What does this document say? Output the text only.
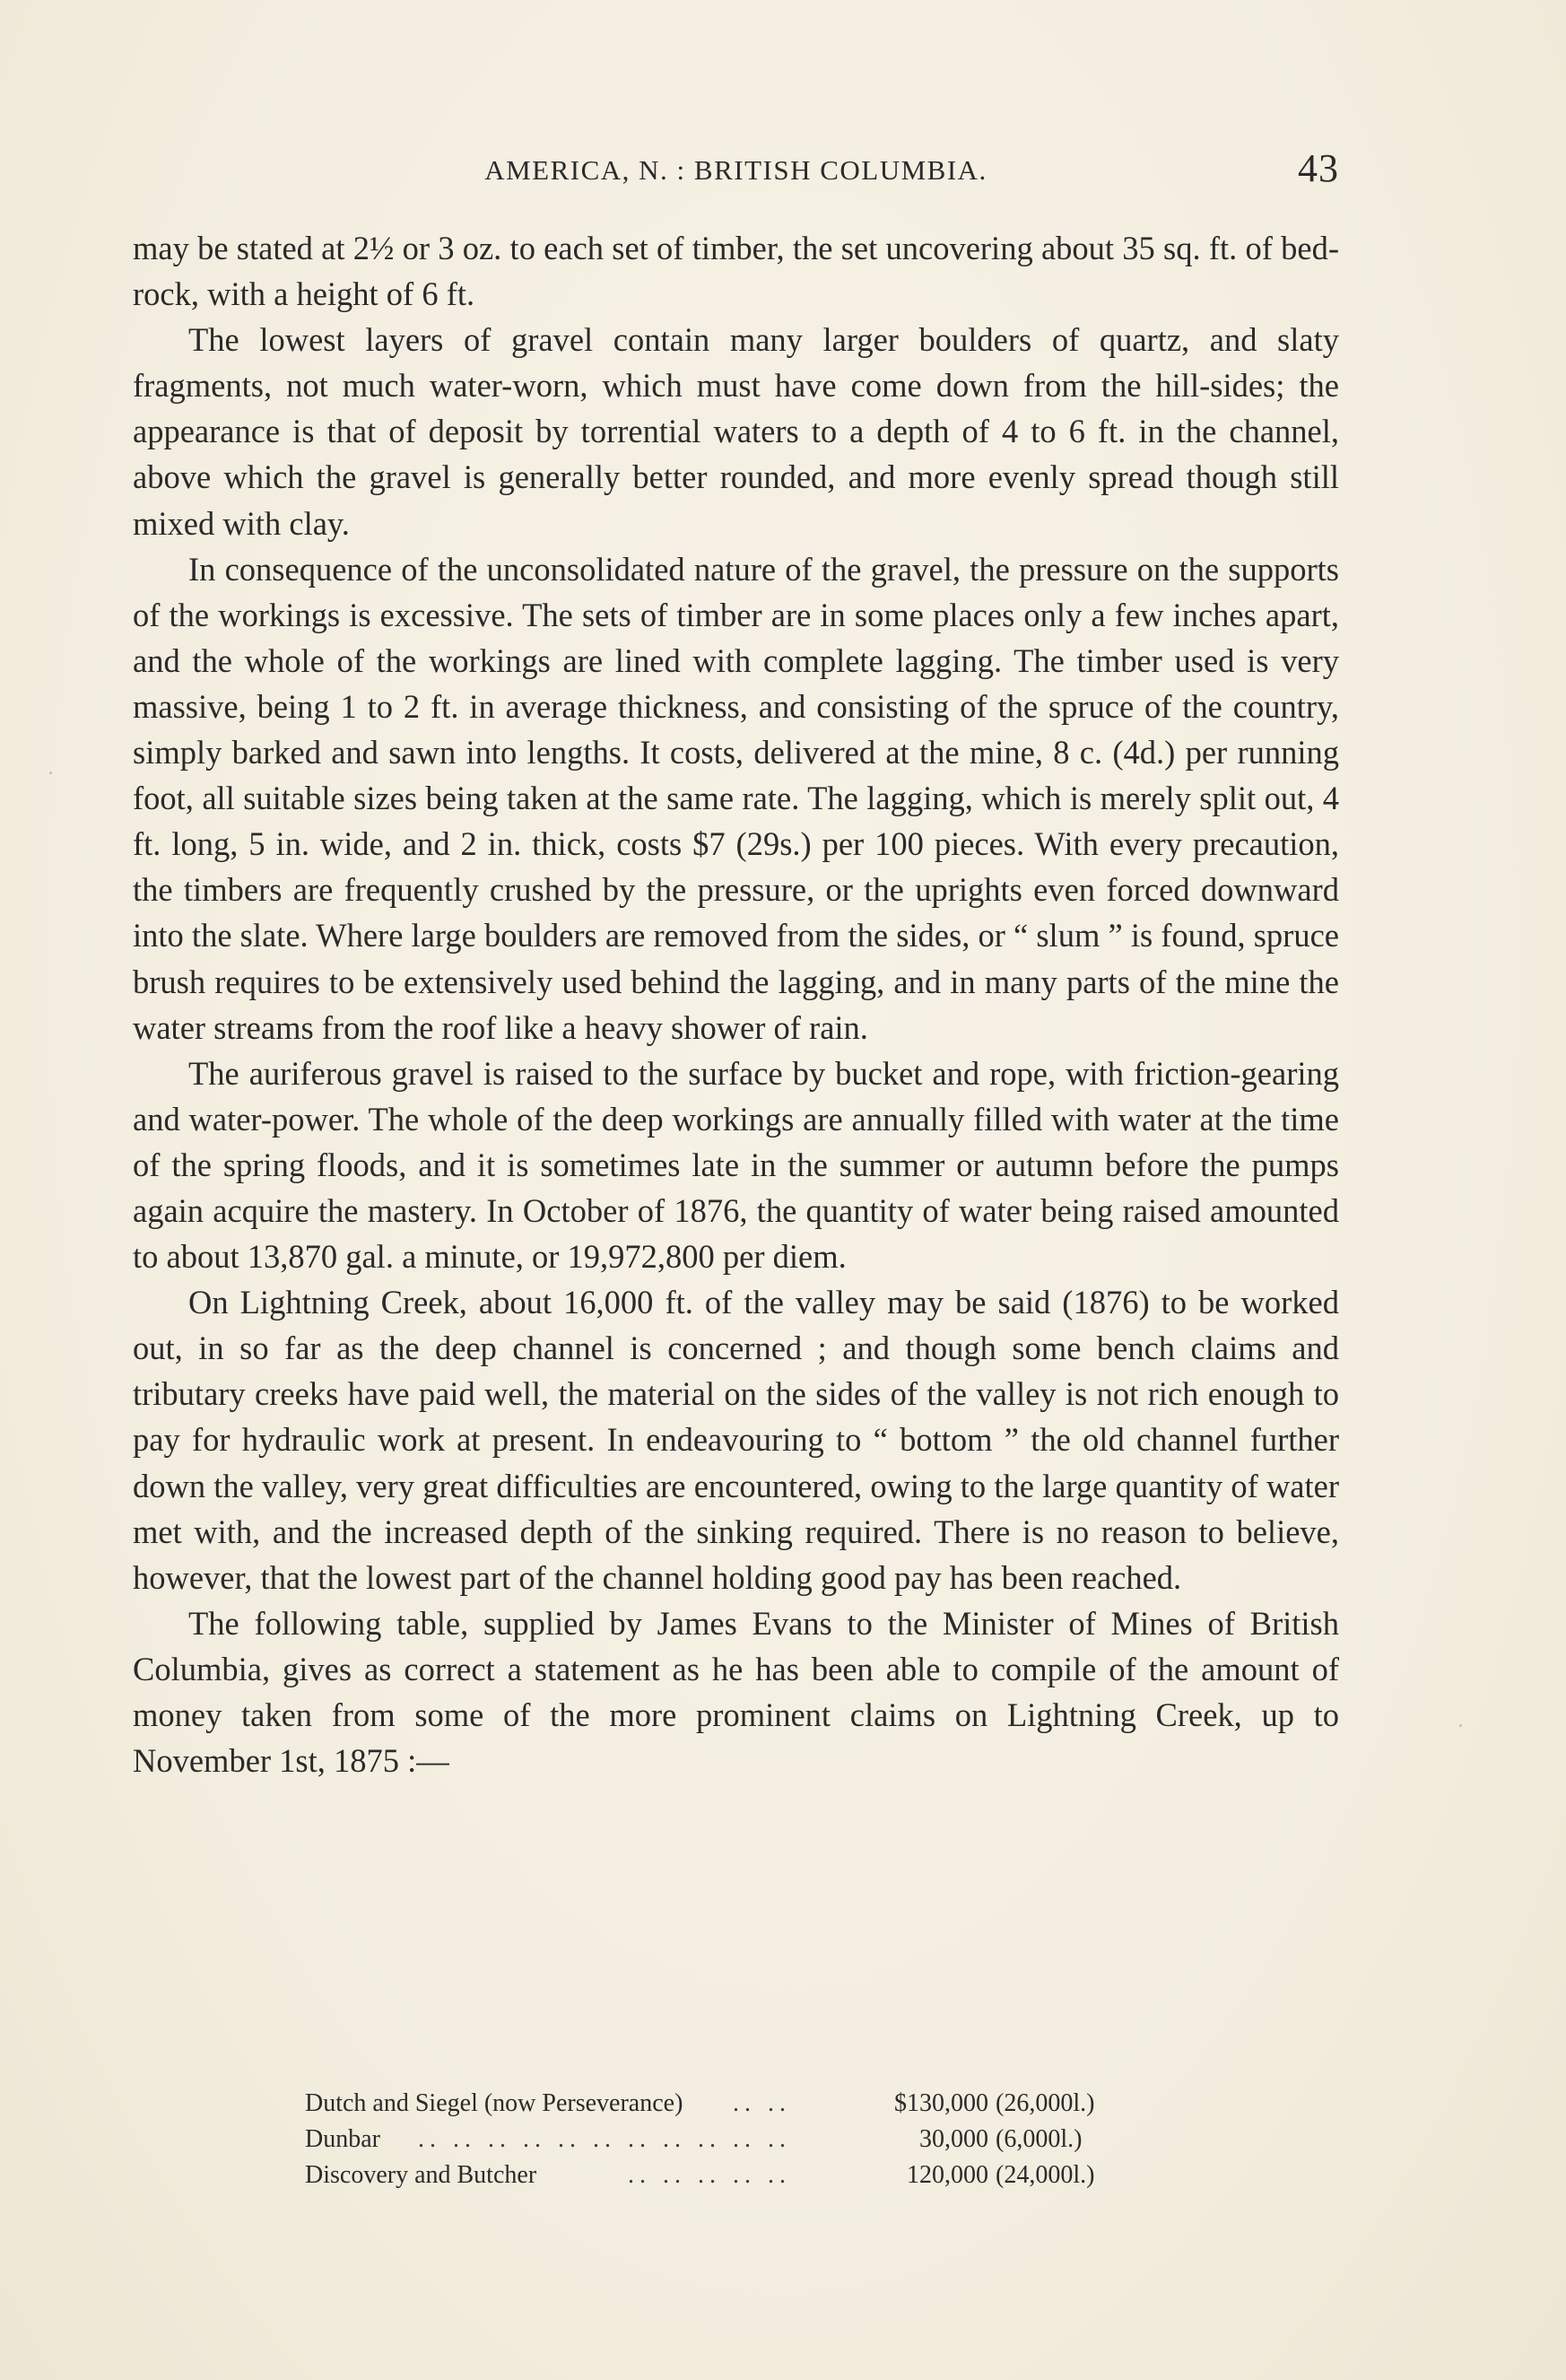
AMERICA, N. : BRITISH COLUMBIA.	43

may be stated at 2½ or 3 oz. to each set of timber, the set uncovering about 35 sq. ft. of bed-rock, with a height of 6 ft.

The lowest layers of gravel contain many larger boulders of quartz, and slaty fragments, not much water-worn, which must have come down from the hill-sides; the appearance is that of deposit by torrential waters to a depth of 4 to 6 ft. in the channel, above which the gravel is generally better rounded, and more evenly spread though still mixed with clay.

In consequence of the unconsolidated nature of the gravel, the pressure on the supports of the workings is excessive. The sets of timber are in some places only a few inches apart, and the whole of the workings are lined with complete lagging. The timber used is very massive, being 1 to 2 ft. in average thickness, and consisting of the spruce of the country, simply barked and sawn into lengths. It costs, delivered at the mine, 8 c. (4d.) per running foot, all suitable sizes being taken at the same rate. The lagging, which is merely split out, 4 ft. long, 5 in. wide, and 2 in. thick, costs $7 (29s.) per 100 pieces. With every precaution, the timbers are frequently crushed by the pressure, or the uprights even forced downward into the slate. Where large boulders are removed from the sides, or “ slum ” is found, spruce brush requires to be extensively used behind the lagging, and in many parts of the mine the water streams from the roof like a heavy shower of rain.

The auriferous gravel is raised to the surface by bucket and rope, with friction-gearing and water-power. The whole of the deep workings are annually filled with water at the time of the spring floods, and it is sometimes late in the summer or autumn before the pumps again acquire the mastery. In October of 1876, the quantity of water being raised amounted to about 13,870 gal. a minute, or 19,972,800 per diem.

On Lightning Creek, about 16,000 ft. of the valley may be said (1876) to be worked out, in so far as the deep channel is concerned ; and though some bench claims and tributary creeks have paid well, the material on the sides of the valley is not rich enough to pay for hydraulic work at present. In endeavouring to “ bottom ” the old channel further down the valley, very great difficulties are encountered, owing to the large quantity of water met with, and the increased depth of the sinking required. There is no reason to believe, however, that the lowest part of the channel holding good pay has been reached.

The following table, supplied by James Evans to the Minister of Mines of British Columbia, gives as correct a statement as he has been able to compile of the amount of money taken from some of the more prominent claims on Lightning Creek, up to November 1st, 1875 :—

Dutch and Siegel (now Perseverance)	.. ..	$130,000 (26,000l.)
Dunbar	.. .. .. .. .. .. .. .. .. .. ..	30,000 (6,000l.)
Discovery and Butcher	.. .. .. .. ..	120,000 (24,000l.)
